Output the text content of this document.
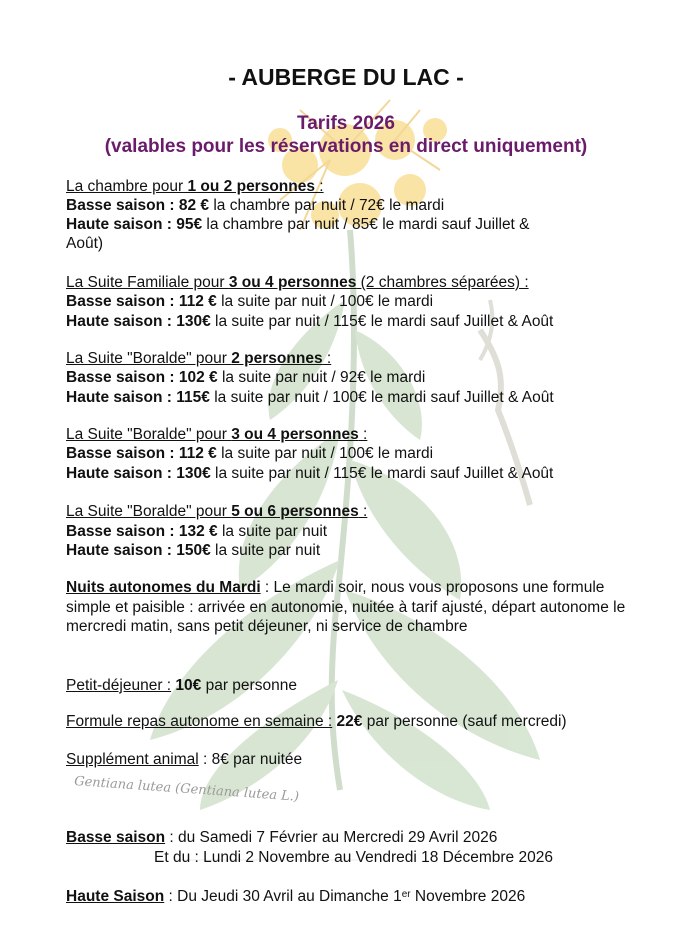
Gentiana lutea (Gentiana lutea L.)
- AUBERGE DU LAC -
Tarifs 2026
(valables pour les réservations en direct uniquement)
La chambre pour 1 ou 2 personnes :
Basse saison : 82 € la chambre par nuit / 72€ le mardi
Haute saison : 95€ la chambre par nuit / 85€ le mardi sauf Juillet &
Août)
La Suite Familiale pour 3 ou 4 personnes (2 chambres séparées) :
Basse saison : 112 € la suite par nuit / 100€ le mardi
Haute saison : 130€ la suite par nuit / 115€ le mardi sauf Juillet & Août
La Suite "Boralde" pour 2 personnes :
Basse saison : 102 € la suite par nuit / 92€ le mardi
Haute saison : 115€ la suite par nuit / 100€ le mardi sauf Juillet & Août
La Suite "Boralde" pour 3 ou 4 personnes :
Basse saison : 112 € la suite par nuit / 100€ le mardi
Haute saison : 130€ la suite par nuit / 115€ le mardi sauf Juillet & Août
La Suite "Boralde" pour 5 ou 6 personnes :
Basse saison : 132 € la suite par nuit
Haute saison : 150€ la suite par nuit
Nuits autonomes du Mardi : Le mardi soir, nous vous proposons une formule simple et paisible : arrivée en autonomie, nuitée à tarif ajusté, départ autonome le mercredi matin, sans petit déjeuner, ni service de chambre
Petit-déjeuner : 10€ par personne
Formule repas autonome en semaine : 22€ par personne (sauf mercredi)
Supplément animal : 8€ par nuitée
Basse saison : du Samedi 7 Février au Mercredi 29 Avril 2026
Et du : Lundi 2 Novembre au Vendredi 18 Décembre 2026
Haute Saison : Du Jeudi 30 Avril au Dimanche 1er Novembre 2026
